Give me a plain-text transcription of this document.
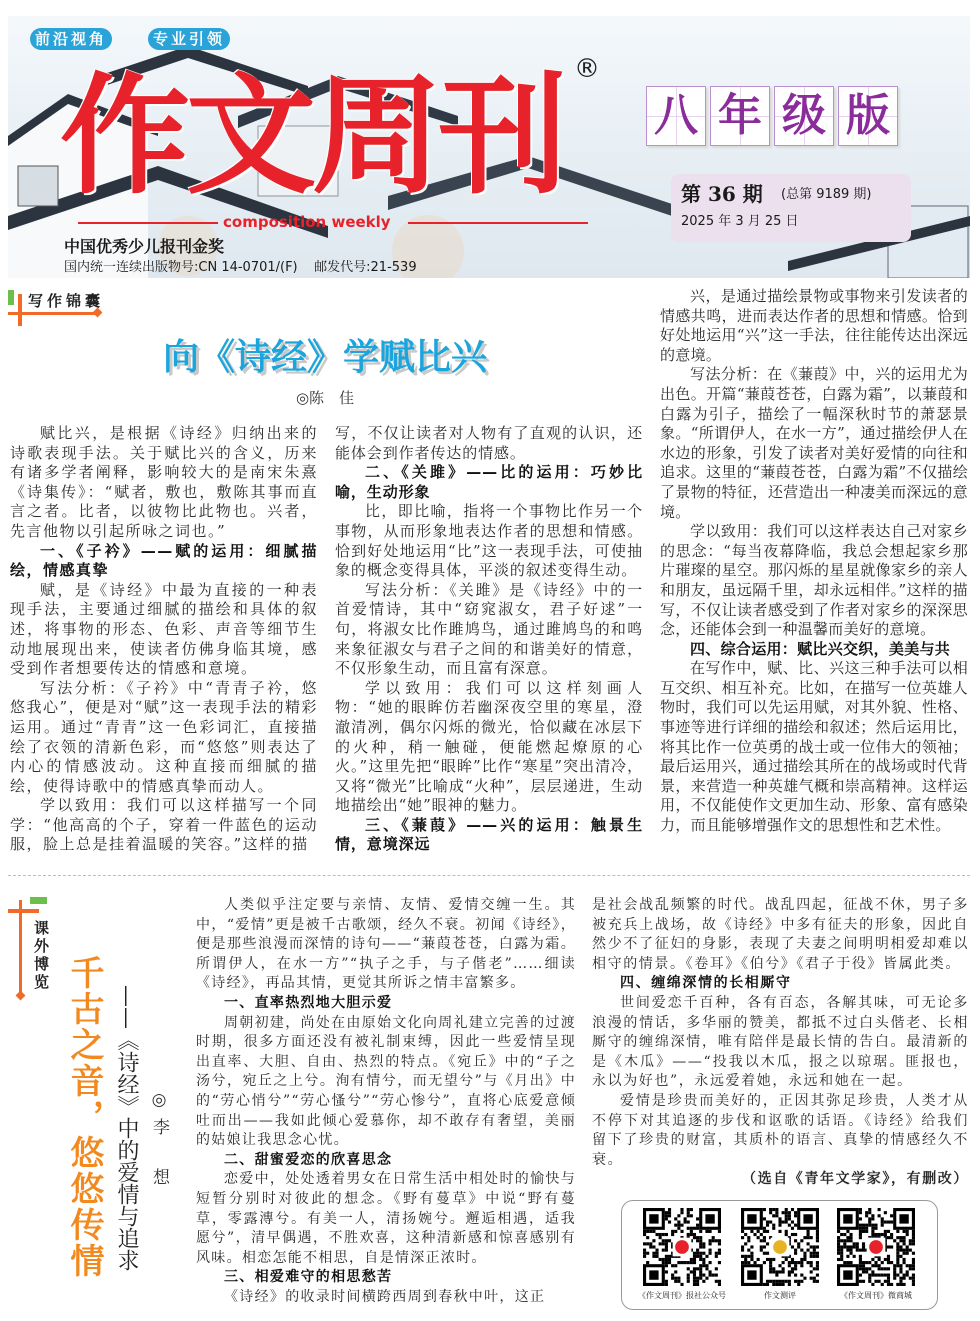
前沿视角	专业引领
作文周刊 ®
composition weekly
中国优秀少儿报刊金奖
国内统一连续出版物号:CN 14-0701/(F)    邮发代号:21-539
八 年 级 版
第 36 期 (总第 9189 期)
2025 年 3 月 25 日
写作锦囊
向《诗经》学赋比兴
◎陈　佳

赋比兴，是根据《诗经》归纳出来的诗歌表现手法。关于赋比兴的含义，历来有诸多学者阐释，影响较大的是南宋朱熹《诗集传》：“赋者，敷也，敷陈其事而直言之者。比者，以彼物比此物也。兴者，先言他物以引起所咏之词也。”

一、《子衿》——赋的运用：细腻描绘，情感真挚

赋，是《诗经》中最为直接的一种表现手法，主要通过细腻的描绘和具体的叙述，将事物的形态、色彩、声音等细节生动地展现出来，使读者仿佛身临其境，感受到作者想要传达的情感和意境。

写法分析：《子衿》中“青青子衿，悠悠我心”，便是对“赋”这一表现手法的精彩运用。通过“青青”这一色彩词汇，直接描绘了衣领的清新色彩，而“悠悠”则表达了内心的情感波动。这种直接而细腻的描绘，使得诗歌中的情感真挚而动人。

学以致用：我们可以这样描写一个同学：“他高高的个子，穿着一件蓝色的运动服，脸上总是挂着温暖的笑容。”这样的描

写，不仅让读者对人物有了直观的认识，还能体会到作者传达的情感。

二、《关雎》——比的运用：巧妙比喻，生动形象

比，即比喻，指将一个事物比作另一个事物，从而形象地表达作者的思想和情感。恰到好处地运用“比”这一表现手法，可使抽象的概念变得具体，平淡的叙述变得生动。

写法分析：《关雎》是《诗经》中的一首爱情诗，其中“窈窕淑女，君子好逑”一句，将淑女比作雎鸠鸟，通过雎鸠鸟的和鸣来象征淑女与君子之间的和谐美好的情意，不仅形象生动，而且富有深意。

学以致用：我们可以这样刻画人物：“她的眼眸仿若幽深夜空里的寒星，澄澈清冽，偶尔闪烁的微光，恰似藏在冰层下的火种，稍一触碰，便能燃起燎原的心火。”这里先把“眼眸”比作“寒星”突出清冷，又将“微光”比喻成“火种”，层层递进，生动地描绘出“她”眼神的魅力。

三、《蒹葭》——兴的运用：触景生情，意境深远

兴，是通过描绘景物或事物来引发读者的情感共鸣，进而表达作者的思想和情感。恰到好处地运用“兴”这一手法，往往能传达出深远的意境。

写法分析：在《蒹葭》中，兴的运用尤为出色。开篇“蒹葭苍苍，白露为霜”，以蒹葭和白露为引子，描绘了一幅深秋时节的萧瑟景象。“所谓伊人，在水一方”，通过描绘伊人在水边的形象，引发了读者对美好爱情的向往和追求。这里的“蒹葭苍苍，白露为霜”不仅描绘了景物的特征，还营造出一种凄美而深远的意境。

学以致用：我们可以这样表达自己对家乡的思念：“每当夜幕降临，我总会想起家乡那片璀璨的星空。那闪烁的星星就像家乡的亲人和朋友，虽远隔千里，却永远相伴。”这样的描写，不仅让读者感受到了作者对家乡的深深思念，还能体会到一种温馨而美好的意境。

四、综合运用：赋比兴交织，美美与共

在写作中，赋、比、兴这三种手法可以相互交织、相互补充。比如，在描写一位英雄人物时，我们可以先运用赋，对其外貌、性格、事迹等进行详细的描绘和叙述；然后运用比，将其比作一位英勇的战士或一位伟大的领袖；最后运用兴，通过描绘其所在的战场或时代背景，来营造一种英雄气概和崇高精神。这样运用，不仅能使作文更加生动、形象、富有感染力，而且能够增强作文的思想性和艺术性。

课外博览 千古之音，悠悠传情 ——《诗经》中的爱情与追求 ◎李　想

人类似乎注定要与亲情、友情、爱情交缠一生。其中，“爱情”更是被千古歌颂，经久不衰。初闻《诗经》，便是那些浪漫而深情的诗句——“蒹葭苍苍，白露为霜。所谓伊人，在水一方”“执子之手，与子偕老”……细读《诗经》，再品其情，更觉其所诉之情丰富繁多。

一、直率热烈地大胆示爱

周朝初建，尚处在由原始文化向周礼建立完善的过渡时期，很多方面还没有被礼制束缚，因此一些爱情呈现出直率、大胆、自由、热烈的特点。《宛丘》中的“子之汤兮，宛丘之上兮。洵有情兮，而无望兮”与《月出》中的“劳心悄兮”“劳心慅兮”“劳心惨兮”，直将心底爱意倾吐而出——我如此倾心爱慕你，却不敢存有奢望，美丽的姑娘让我思念心忧。

二、甜蜜爱恋的欣喜思念

恋爱中，处处透着男女在日常生活中相处时的愉快与短暂分别时对彼此的想念。《野有蔓草》中说“野有蔓草，零露漙兮。有美一人，清扬婉兮。邂逅相遇，适我愿兮”，清早偶遇，不胜欢喜，这种清新感和惊喜感别有风味。相恋怎能不相思，自是情深正浓时。

三、相爱难守的相思愁苦

《诗经》的收录时间横跨西周到春秋中叶，这正

是社会战乱频繁的时代。战乱四起，征战不休，男子多被充兵上战场，故《诗经》中多有征夫的形象，因此自然少不了征妇的身影，表现了夫妻之间明明相爱却难以相守的情景。《卷耳》《伯兮》《君子于役》皆属此类。

四、缠绵深情的长相厮守

世间爱恋千百种，各有百态，各解其味，可无论多浪漫的情话，多华丽的赞美，都抵不过白头偕老、长相厮守的缠绵深情，唯有陪伴是最长情的告白。最清新的是《木瓜》——“投我以木瓜，报之以琼琚。匪报也，永以为好也”，永远爱着她，永远和她在一起。

爱情是珍贵而美好的，正因其弥足珍贵，人类才从不停下对其追逐的步伐和讴歌的话语。《诗经》给我们留下了珍贵的财富，其质朴的语言、真挚的情感经久不衰。

（选自《青年文学家》，有删改）

《作文周刊》报社公众号	作文测评	《作文周刊》微商城
